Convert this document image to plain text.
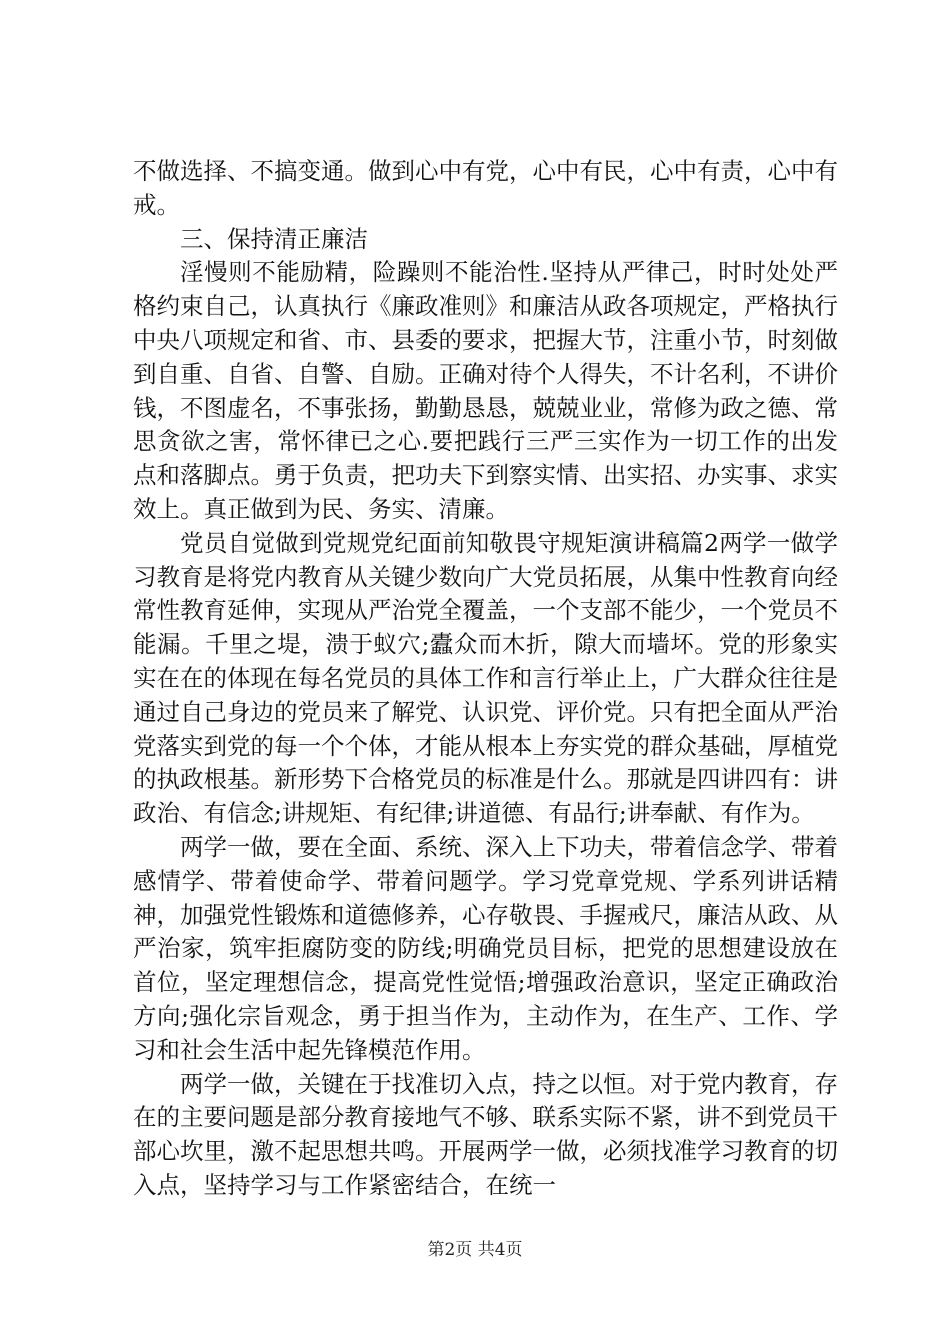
不做选择、不搞变通。做到心中有党，心中有民，心中有责，心中有戒。

三、保持清正廉洁

淫慢则不能励精，险躁则不能治性.坚持从严律己，时时处处严格约束自己，认真执行《廉政准则》和廉洁从政各项规定，严格执行中央八项规定和省、市、县委的要求，把握大节，注重小节，时刻做到自重、自省、自警、自励。正确对待个人得失，不计名利，不讲价钱，不图虚名，不事张扬，勤勤恳恳，兢兢业业，常修为政之德、常思贪欲之害，常怀律已之心.要把践行三严三实作为一切工作的出发点和落脚点。勇于负责，把功夫下到察实情、出实招、办实事、求实效上。真正做到为民、务实、清廉。

党员自觉做到党规党纪面前知敬畏守规矩演讲稿篇2两学一做学习教育是将党内教育从关键少数向广大党员拓展，从集中性教育向经常性教育延伸，实现从严治党全覆盖，一个支部不能少，一个党员不能漏。千里之堤，溃于蚁穴;蠹众而木折，隙大而墙坏。党的形象实实在在的体现在每名党员的具体工作和言行举止上，广大群众往往是通过自己身边的党员来了解党、认识党、评价党。只有把全面从严治党落实到党的每一个个体，才能从根本上夯实党的群众基础，厚植党的执政根基。新形势下合格党员的标准是什么。那就是四讲四有：讲政治、有信念;讲规矩、有纪律;讲道德、有品行;讲奉献、有作为。

两学一做，要在全面、系统、深入上下功夫，带着信念学、带着感情学、带着使命学、带着问题学。学习党章党规、学系列讲话精神，加强党性锻炼和道德修养，心存敬畏、手握戒尺，廉洁从政、从严治家，筑牢拒腐防变的防线;明确党员目标，把党的思想建设放在首位，坚定理想信念，提高党性觉悟;增强政治意识，坚定正确政治方向;强化宗旨观念，勇于担当作为，主动作为，在生产、工作、学习和社会生活中起先锋模范作用。

两学一做，关键在于找准切入点，持之以恒。对于党内教育，存在的主要问题是部分教育接地气不够、联系实际不紧，讲不到党员干部心坎里，激不起思想共鸣。开展两学一做，必须找准学习教育的切入点，坚持学习与工作紧密结合，在统一

第2页 共4页
